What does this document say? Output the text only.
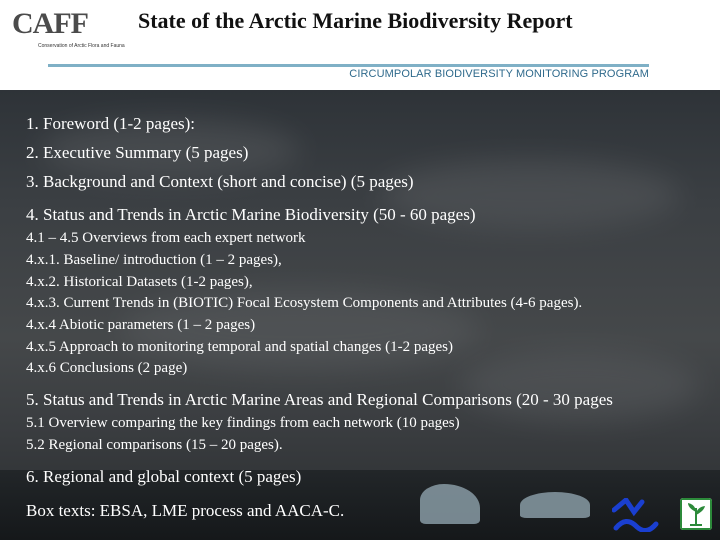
CAFF
Conservation of Arctic Flora and Fauna
State of the Arctic Marine Biodiversity Report
CIRCUMPOLAR BIODIVERSITY MONITORING PROGRAM
1. Foreword (1-2 pages):
2. Executive Summary (5 pages)
3. Background and Context (short and concise) (5 pages)
4. Status and Trends in Arctic Marine Biodiversity (50 - 60 pages)
4.1 – 4.5 Overviews from each expert network
4.x.1. Baseline/ introduction (1 – 2 pages),
4.x.2. Historical Datasets (1-2 pages),
4.x.3. Current Trends in (BIOTIC) Focal Ecosystem Components and Attributes (4-6 pages).
4.x.4 Abiotic parameters (1 – 2 pages)
4.x.5 Approach to monitoring temporal and spatial changes (1-2 pages)
4.x.6 Conclusions (2 page)
5. Status and Trends in Arctic Marine Areas and Regional Comparisons (20 - 30 pages
5.1 Overview comparing the key findings from each network (10 pages)
5.2 Regional comparisons (15 – 20 pages).
6. Regional and global context (5 pages)
Box texts: EBSA, LME process and AACA-C.
